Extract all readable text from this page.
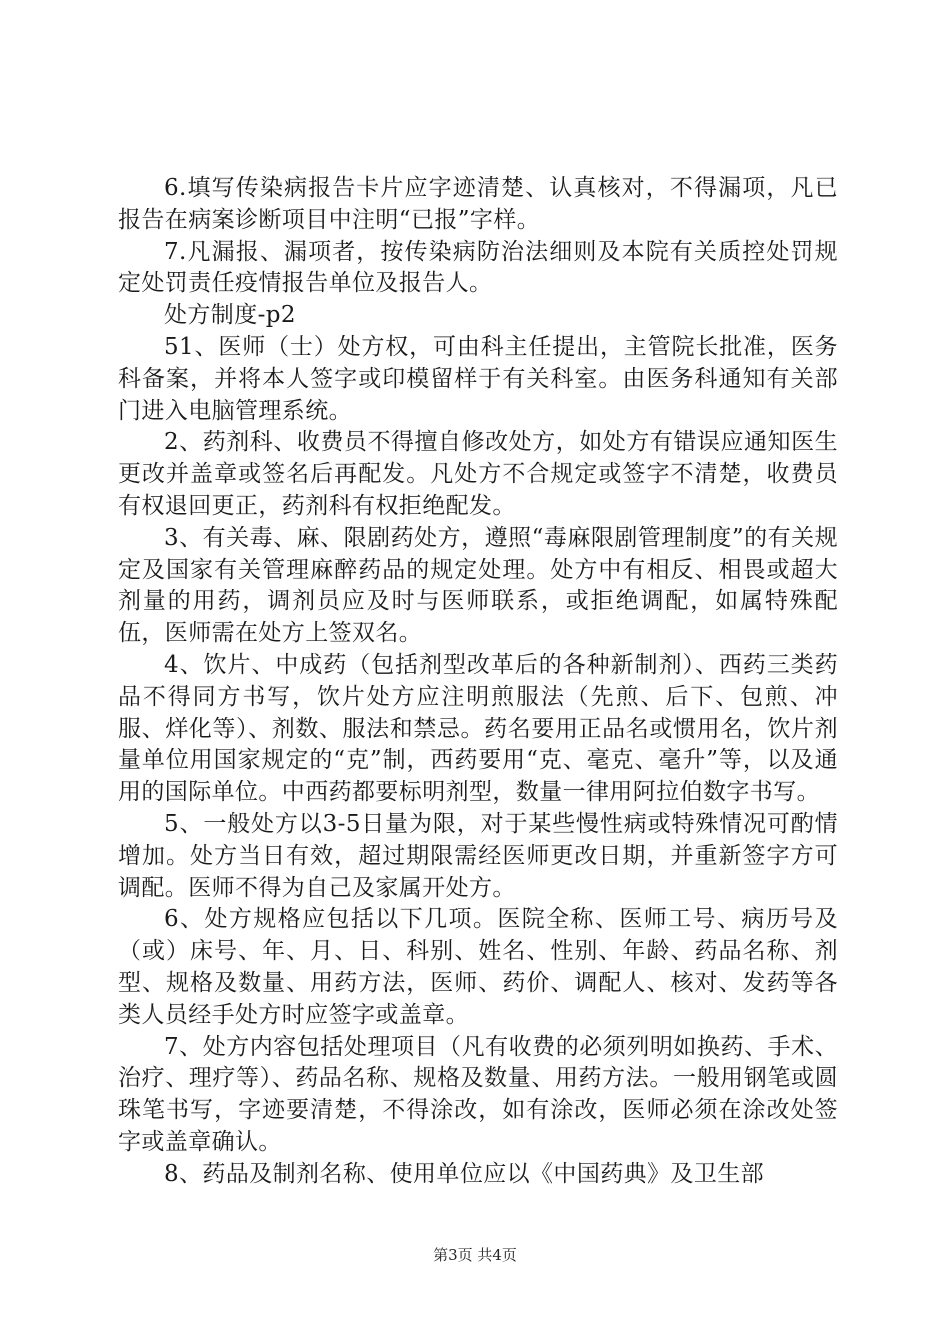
6.填写传染病报告卡片应字迹清楚、认真核对，不得漏项，凡已报告在病案诊断项目中注明“已报”字样。

7.凡漏报、漏项者，按传染病防治法细则及本院有关质控处罚规定处罚责任疫情报告单位及报告人。

处方制度-p2

51、医师（士）处方权，可由科主任提出，主管院长批准，医务科备案，并将本人签字或印模留样于有关科室。由医务科通知有关部门进入电脑管理系统。

2、药剂科、收费员不得擅自修改处方，如处方有错误应通知医生更改并盖章或签名后再配发。凡处方不合规定或签字不清楚，收费员有权退回更正，药剂科有权拒绝配发。

3、有关毒、麻、限剧药处方，遵照“毒麻限剧管理制度”的有关规定及国家有关管理麻醉药品的规定处理。处方中有相反、相畏或超大剂量的用药，调剂员应及时与医师联系，或拒绝调配，如属特殊配伍，医师需在处方上签双名。

4、饮片、中成药（包括剂型改革后的各种新制剂）、西药三类药品不得同方书写，饮片处方应注明煎服法（先煎、后下、包煎、冲服、烊化等）、剂数、服法和禁忌。药名要用正品名或惯用名，饮片剂量单位用国家规定的“克”制，西药要用“克、毫克、毫升”等，以及通用的国际单位。中西药都要标明剂型，数量一律用阿拉伯数字书写。

5、一般处方以3-5日量为限，对于某些慢性病或特殊情况可酌情增加。处方当日有效，超过期限需经医师更改日期，并重新签字方可调配。医师不得为自己及家属开处方。

6、处方规格应包括以下几项。医院全称、医师工号、病历号及（或）床号、年、月、日、科别、姓名、性别、年龄、药品名称、剂型、规格及数量、用药方法，医师、药价、调配人、核对、发药等各类人员经手处方时应签字或盖章。

7、处方内容包括处理项目（凡有收费的必须列明如换药、手术、治疗、理疗等）、药品名称、规格及数量、用药方法。一般用钢笔或圆珠笔书写，字迹要清楚，不得涂改，如有涂改，医师必须在涂改处签字或盖章确认。

8、药品及制剂名称、使用单位应以《中国药典》及卫生部

第3页 共4页
